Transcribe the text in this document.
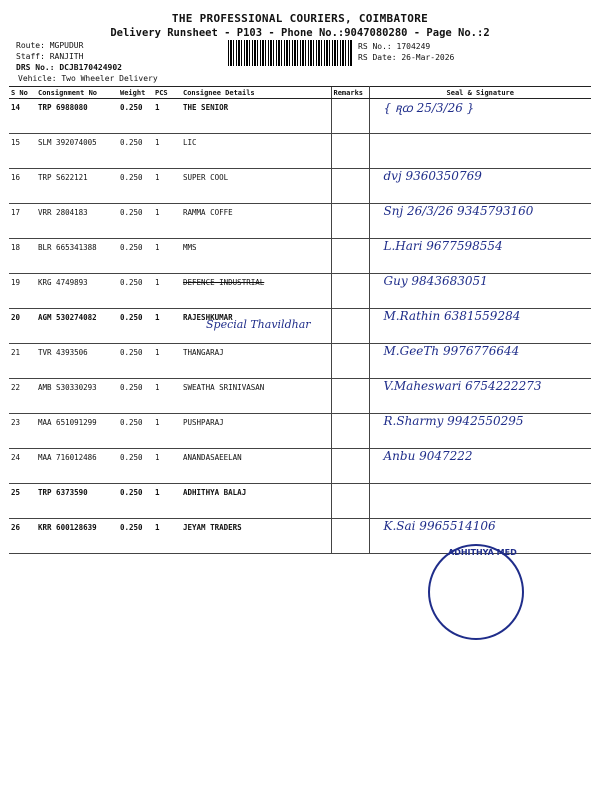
THE PROFESSIONAL COURIERS, COIMBATORE
Delivery Runsheet - P103 - Phone No.:9047080280 - Page No.:2
Route: MGPUDUR
Staff: RANJITH
DRS No.: DCJB170424902
Vehicle: Two Wheeler Delivery
RS No.: 1704249
RS Date: 26-Mar-2026
S No	Consignment No	Weight	PCS	Consignee Details	Remarks	Seal & Signature
14	TRP 6988080	0.250	1	THE SENIOR		{ ꭆꭃ 25/3/26 }

15	SLM 392074005	0.250	1	LIC		

16	TRP S622121	0.250	1	SUPER COOL		dvj 9360350769

17	VRR 2804183	0.250	1	RAMMA COFFE		Snj 26/3/26 9345793160

18	BLR 665341388	0.250	1	MMS		L.Hari 9677598554

19	KRG 4749893	0.250	1	DEFENCE INDUSTRIAL		Guy 9843683051

20	AGM 530274082	0.250	1	RAJESHKUMAR		M.Rathin 6381559284

21	TVR 4393506	0.250	1	THANGARAJ		M.GeeTh 9976776644

22	AMB S30330293	0.250	1	SWEATHA SRINIVASAN		V.Maheswari 6754222273

23	MAA 651091299	0.250	1	PUSHPARAJ		R.Sharmy 9942550295

24	MAA 716012486	0.250	1	ANANDASAEELAN		Anbu 9047222

25	TRP 6373590	0.250	1	ADHITHYA BALAJ		

26	KRR 600128639	0.250	1	JEYAM TRADERS		K.Sai 9965514106
Special Thavildhar
ADHITHYA MED
